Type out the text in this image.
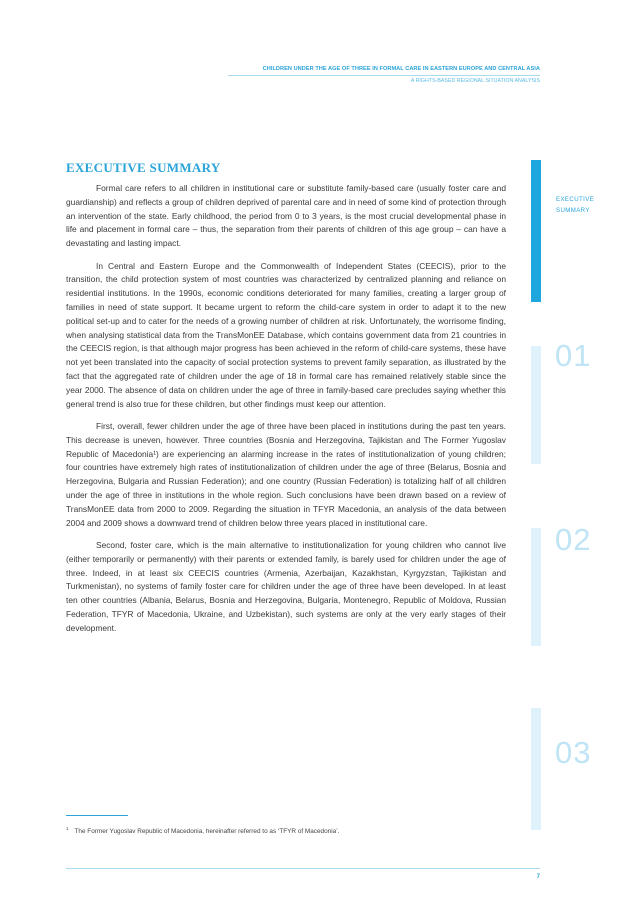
CHILDREN UNDER THE AGE OF THREE IN FORMAL CARE IN EASTERN EUROPE AND CENTRAL ASIA
A RIGHTS-BASED REGIONAL SITUATION ANALYSIS
EXECUTIVE SUMMARY

Formal care refers to all children in institutional care or substitute family-based care (usually foster care and guardianship) and reflects a group of children deprived of parental care and in need of some kind of protection through an intervention of the state. Early childhood, the period from 0 to 3 years, is the most crucial developmental phase in life and placement in formal care – thus, the separation from their parents of children of this age group – can have a devastating and lasting impact.

In Central and Eastern Europe and the Commonwealth of Independent States (CEECIS), prior to the transition, the child protection system of most countries was characterized by centralized planning and reliance on residential institutions. In the 1990s, economic conditions deteriorated for many families, creating a larger group of families in need of state support. It became urgent to reform the child-care system in order to adapt it to the new political set-up and to cater for the needs of a growing number of children at risk. Unfortunately, the worrisome finding, when analysing statistical data from the TransMonEE Database, which contains government data from 21 countries in the CEECIS region, is that although major progress has been achieved in the reform of child-care systems, these have not yet been translated into the capacity of social protection systems to prevent family separation, as illustrated by the fact that the aggregated rate of children under the age of 18 in formal care has remained relatively stable since the year 2000. The absence of data on children under the age of three in family-based care precludes saying whether this general trend is also true for these children, but other findings must keep our attention.

First, overall, fewer children under the age of three have been placed in institutions during the past ten years. This decrease is uneven, however. Three countries (Bosnia and Herzegovina, Tajikistan and The Former Yugoslav Republic of Macedonia¹) are experiencing an alarming increase in the rates of institutionalization of young children; four countries have extremely high rates of institutionalization of children under the age of three (Belarus, Bosnia and Herzegovina, Bulgaria and Russian Federation); and one country (Russian Federation) is totalizing half of all children under the age of three in institutions in the whole region. Such conclusions have been drawn based on a review of TransMonEE data from 2000 to 2009. Regarding the situation in TFYR Macedonia, an analysis of the data between 2004 and 2009 shows a downward trend of children below three years placed in institutional care.

Second, foster care, which is the main alternative to institutionalization for young children who cannot live (either temporarily or permanently) with their parents or extended family, is barely used for children under the age of three. Indeed, in at least six CEECIS countries (Armenia, Azerbaijan, Kazakhstan, Kyrgyzstan, Tajikistan and Turkmenistan), no systems of family foster care for children under the age of three have been developed. In at least ten other countries (Albania, Belarus, Bosnia and Herzegovina, Bulgaria, Montenegro, Republic of Moldova, Russian Federation, TFYR of Macedonia, Ukraine, and Uzbekistan), such systems are only at the very early stages of their development.

$^1$ The Former Yugoslav Republic of Macedonia, hereinafter referred to as ‘TFYR of Macedonia’.
EXECUTIVE
SUMMARY
01
02
03
7
